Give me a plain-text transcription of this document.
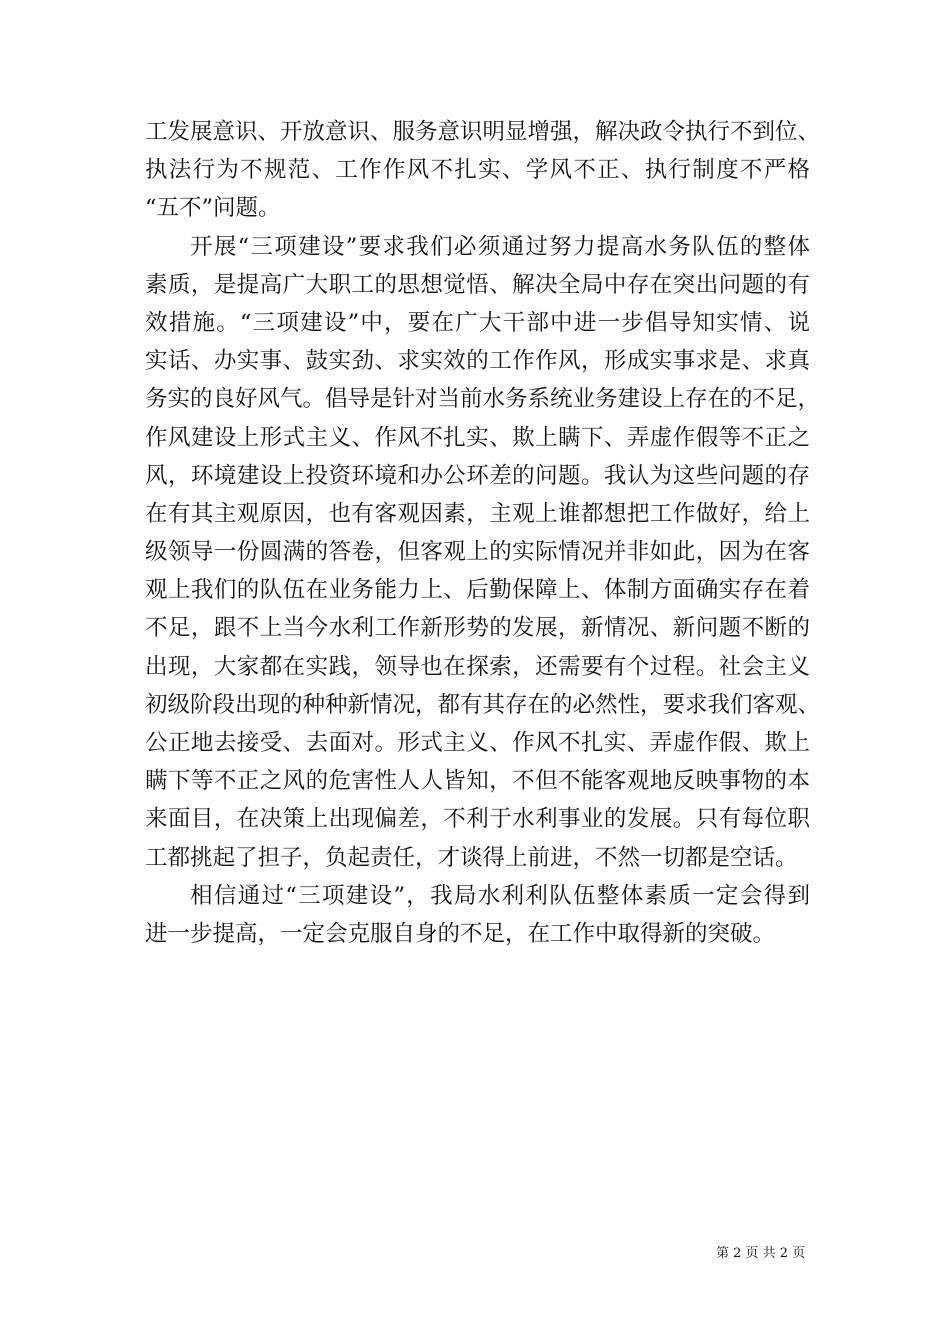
工发展意识、开放意识、服务意识明显增强，解决政令执行不到位、
执法行为不规范、工作作风不扎实、学风不正、执行制度不严格
“五不”问题。
开展“三项建设”要求我们必须通过努力提高水务队伍的整体
素质，是提高广大职工的思想觉悟、解决全局中存在突出问题的有
效措施。“三项建设”中，要在广大干部中进一步倡导知实情、说
实话、办实事、鼓实劲、求实效的工作作风，形成实事求是、求真
务实的良好风气。倡导是针对当前水务系统业务建设上存在的不足，
作风建设上形式主义、作风不扎实、欺上瞒下、弄虚作假等不正之
风，环境建设上投资环境和办公环差的问题。我认为这些问题的存
在有其主观原因，也有客观因素，主观上谁都想把工作做好，给上
级领导一份圆满的答卷，但客观上的实际情况并非如此，因为在客
观上我们的队伍在业务能力上、后勤保障上、体制方面确实存在着
不足，跟不上当今水利工作新形势的发展，新情况、新问题不断的
出现，大家都在实践，领导也在探索，还需要有个过程。社会主义
初级阶段出现的种种新情况，都有其存在的必然性，要求我们客观、
公正地去接受、去面对。形式主义、作风不扎实、弄虚作假、欺上
瞒下等不正之风的危害性人人皆知，不但不能客观地反映事物的本
来面目，在决策上出现偏差，不利于水利事业的发展。只有每位职
工都挑起了担子，负起责任，才谈得上前进，不然一切都是空话。
相信通过“三项建设”，我局水利利队伍整体素质一定会得到
进一步提高，一定会克服自身的不足，在工作中取得新的突破。
第 2 页 共 2 页
